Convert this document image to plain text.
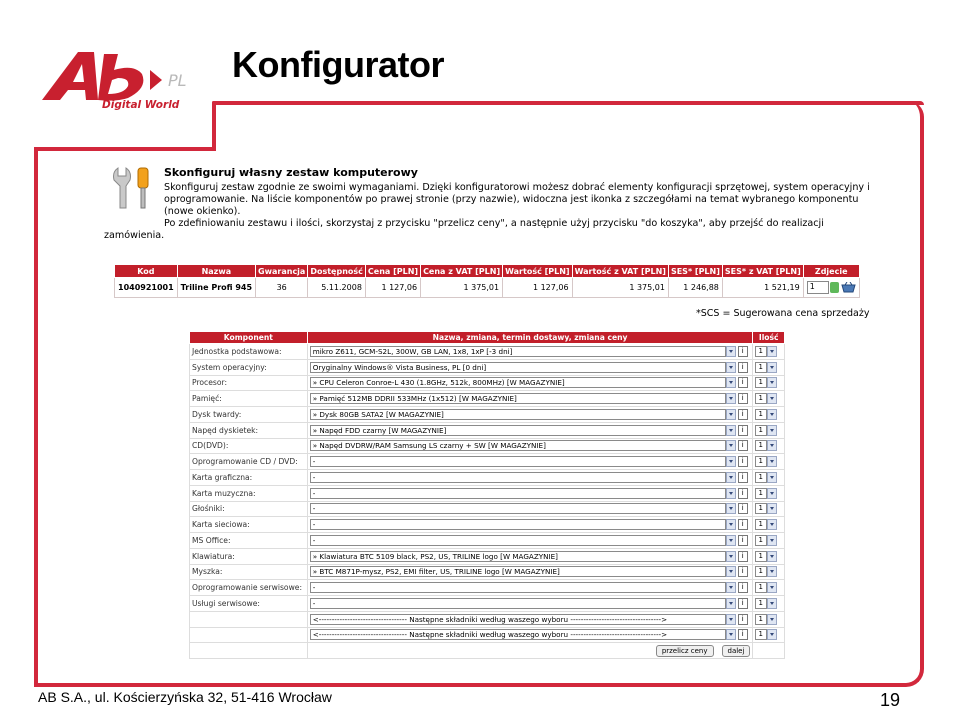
PL
Digital World
Konfigurator
Skonfiguruj własny zestaw komputerowy
Skonfiguruj zestaw zgodnie ze swoimi wymaganiami. Dzięki konfiguratorowi możesz dobrać elementy konfiguracji sprzętowej, system operacyjny i oprogramowanie. Na liście komponentów po prawej stronie (przy nazwie), widoczna jest ikonka z szczegółami na temat wybranego komponentu (nowe okienko).
Po zdefiniowaniu zestawu i ilości, skorzystaj z przycisku "przelicz ceny", a następnie użyj przycisku "do koszyka", aby przejść do realizacji
zamówienia.
Kod	Nazwa	Gwarancja	Dostępność	Cena [PLN]	Cena z VAT [PLN]	Wartość [PLN]	Wartość z VAT [PLN]	SES* [PLN]	SES* z VAT [PLN]	Zdjecie
1040921001	Triline Profi 945	36	5.11.2008	1 127,06	1 375,01	1 127,06	1 375,01	1 246,88	1 521,19	1
*SCS = Sugerowana cena sprzedaży
Komponent	Nazwa, zmiana, termin dostawy, zmiana ceny	Ilość
Jednostka podstawowa:	mikro Z611, GCM-S2L, 300W, GB LAN, 1x8, 1xP [-3 dni] i	1
System operacyjny:	Oryginalny Windows® Vista Business, PL [0 dni] i	1
Procesor:	» CPU Celeron Conroe-L 430 (1.8GHz, 512k, 800MHz) [W MAGAZYNIE] i	1
Pamięć:	» Pamięć 512MB DDRII 533MHz (1x512) [W MAGAZYNIE] i	1
Dysk twardy:	» Dysk 80GB SATA2 [W MAGAZYNIE] i	1
Napęd dyskietek:	» Napęd FDD czarny [W MAGAZYNIE] i	1
CD(DVD):	» Napęd DVDRW/RAM Samsung LS czarny + SW [W MAGAZYNIE] i	1
Oprogramowanie CD / DVD:	- i	1
Karta graficzna:	- i	1
Karta muzyczna:	- i	1
Głośniki:	- i	1
Karta sieciowa:	- i	1
MS Office:	- i	1
Klawiatura:	» Klawiatura BTC 5109 black, PS2, US, TRILINE logo [W MAGAZYNIE] i	1
Myszka:	» BTC M871P-mysz, PS2, EMI filter, US, TRILINE logo [W MAGAZYNIE] i	1
Oprogramowanie serwisowe:	- i	1
Usługi serwisowe:	- i	1
	<---------------------------------- Następne składniki według waszego wyboru -----------------------------------> i	1
	<---------------------------------- Następne składniki według waszego wyboru -----------------------------------> i	1
	przelicz ceny dalej	
AB S.A., ul. Kościerzyńska 32, 51-416 Wrocław	19
